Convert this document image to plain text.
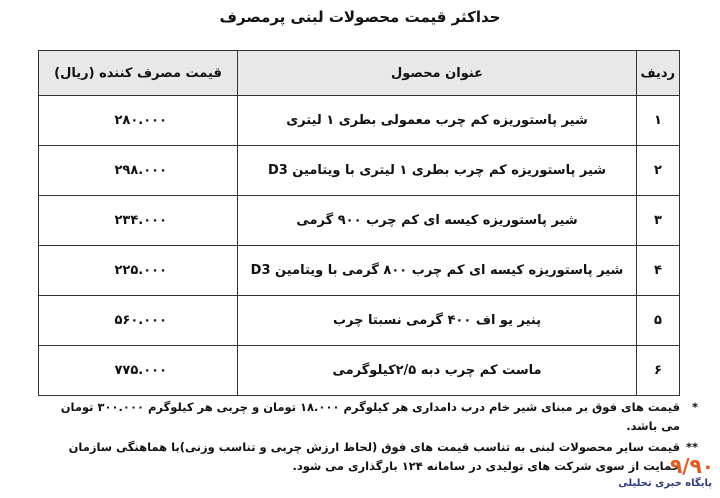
حداکثر قیمت محصولات لبنی پرمصرف
ردیف	عنوان محصول	قیمت مصرف کننده (ریال)
۱	شیر پاستوریزه کم چرب معمولی بطری ۱ لیتری	۲۸۰.۰۰۰
۲	شیر پاستوریزه کم چرب بطری ۱ لیتری با ویتامین D3	۲۹۸.۰۰۰
۳	شیر پاستوریزه کیسه ای کم چرب ۹۰۰ گرمی	۲۳۴.۰۰۰
۴	شیر پاستوریزه کیسه ای کم چرب ۸۰۰ گرمی با ویتامین D3	۲۲۵.۰۰۰
۵	پنیر یو اف ۴۰۰ گرمی نسبتا چرب	۵۶۰.۰۰۰
۶	ماست کم چرب دبه ۲/۵کیلوگرمی	۷۷۵.۰۰۰
*
قیمت های فوق بر مبنای شیر خام درب دامداری هر کیلوگرم ۱۸.۰۰۰ تومان و چربی هر کیلوگرم ۳۰۰.۰۰۰ تومان می باشد.
**
قیمت سایر محصولات لبنی به تناسب قیمت های فوق (لحاظ ارزش چربی و تناسب وزنی)با هماهنگی سازمان حمایت از سوی شرکت های تولیدی در سامانه ۱۲۴ بارگذاری می شود.
۹/۹۰
پایگاه خبری تحلیلی
